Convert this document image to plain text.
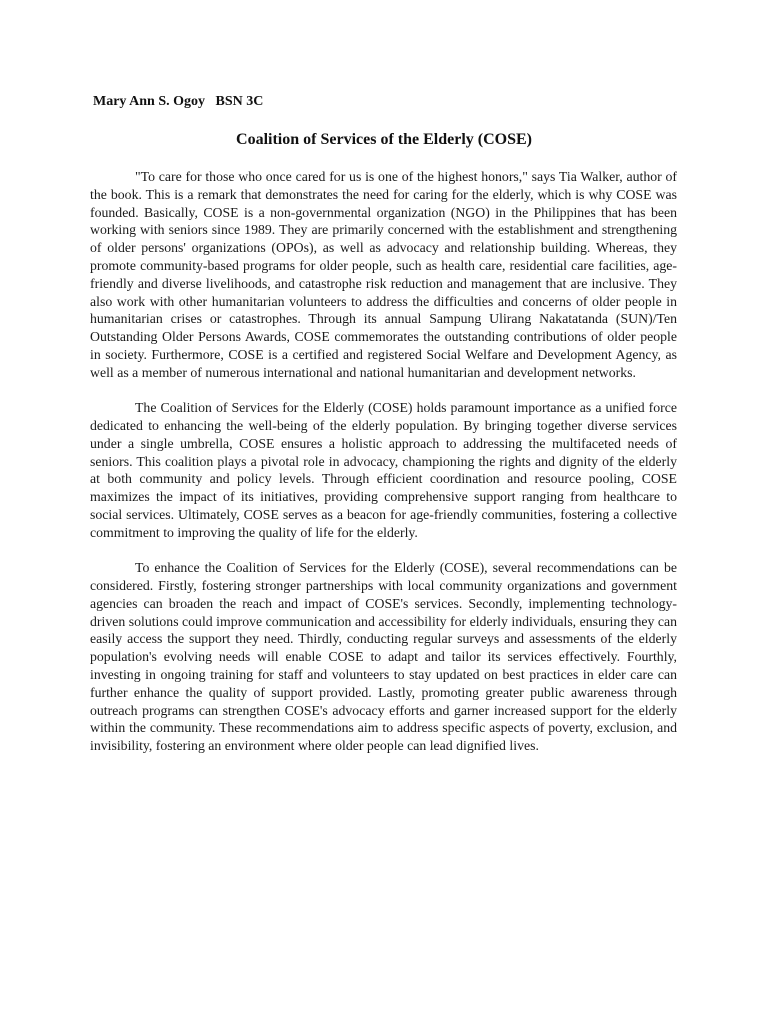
Mary Ann S. Ogoy   BSN 3C
Coalition of Services of the Elderly (COSE)

"To care for those who once cared for us is one of the highest honors," says Tia Walker, author of the book. This is a remark that demonstrates the need for caring for the elderly, which is why COSE was founded. Basically, COSE is a non-governmental organization (NGO) in the Philippines that has been working with seniors since 1989. They are primarily concerned with the establishment and strengthening of older persons' organizations (OPOs), as well as advocacy and relationship building. Whereas, they promote community-based programs for older people, such as health care, residential care facilities, age-friendly and diverse livelihoods, and catastrophe risk reduction and management that are inclusive. They also work with other humanitarian volunteers to address the difficulties and concerns of older people in humanitarian crises or catastrophes. Through its annual Sampung Ulirang Nakatatanda (SUN)/Ten Outstanding Older Persons Awards, COSE commemorates the outstanding contributions of older people in society. Furthermore, COSE is a certified and registered Social Welfare and Development Agency, as well as a member of numerous international and national humanitarian and development networks.

The Coalition of Services for the Elderly (COSE) holds paramount importance as a unified force dedicated to enhancing the well-being of the elderly population. By bringing together diverse services under a single umbrella, COSE ensures a holistic approach to addressing the multifaceted needs of seniors. This coalition plays a pivotal role in advocacy, championing the rights and dignity of the elderly at both community and policy levels. Through efficient coordination and resource pooling, COSE maximizes the impact of its initiatives, providing comprehensive support ranging from healthcare to social services. Ultimately, COSE serves as a beacon for age-friendly communities, fostering a collective commitment to improving the quality of life for the elderly.

To enhance the Coalition of Services for the Elderly (COSE), several recommendations can be considered. Firstly, fostering stronger partnerships with local community organizations and government agencies can broaden the reach and impact of COSE's services. Secondly, implementing technology-driven solutions could improve communication and accessibility for elderly individuals, ensuring they can easily access the support they need. Thirdly, conducting regular surveys and assessments of the elderly population's evolving needs will enable COSE to adapt and tailor its services effectively. Fourthly, investing in ongoing training for staff and volunteers to stay updated on best practices in elder care can further enhance the quality of support provided. Lastly, promoting greater public awareness through outreach programs can strengthen COSE's advocacy efforts and garner increased support for the elderly within the community. These recommendations aim to address specific aspects of poverty, exclusion, and invisibility, fostering an environment where older people can lead dignified lives.
